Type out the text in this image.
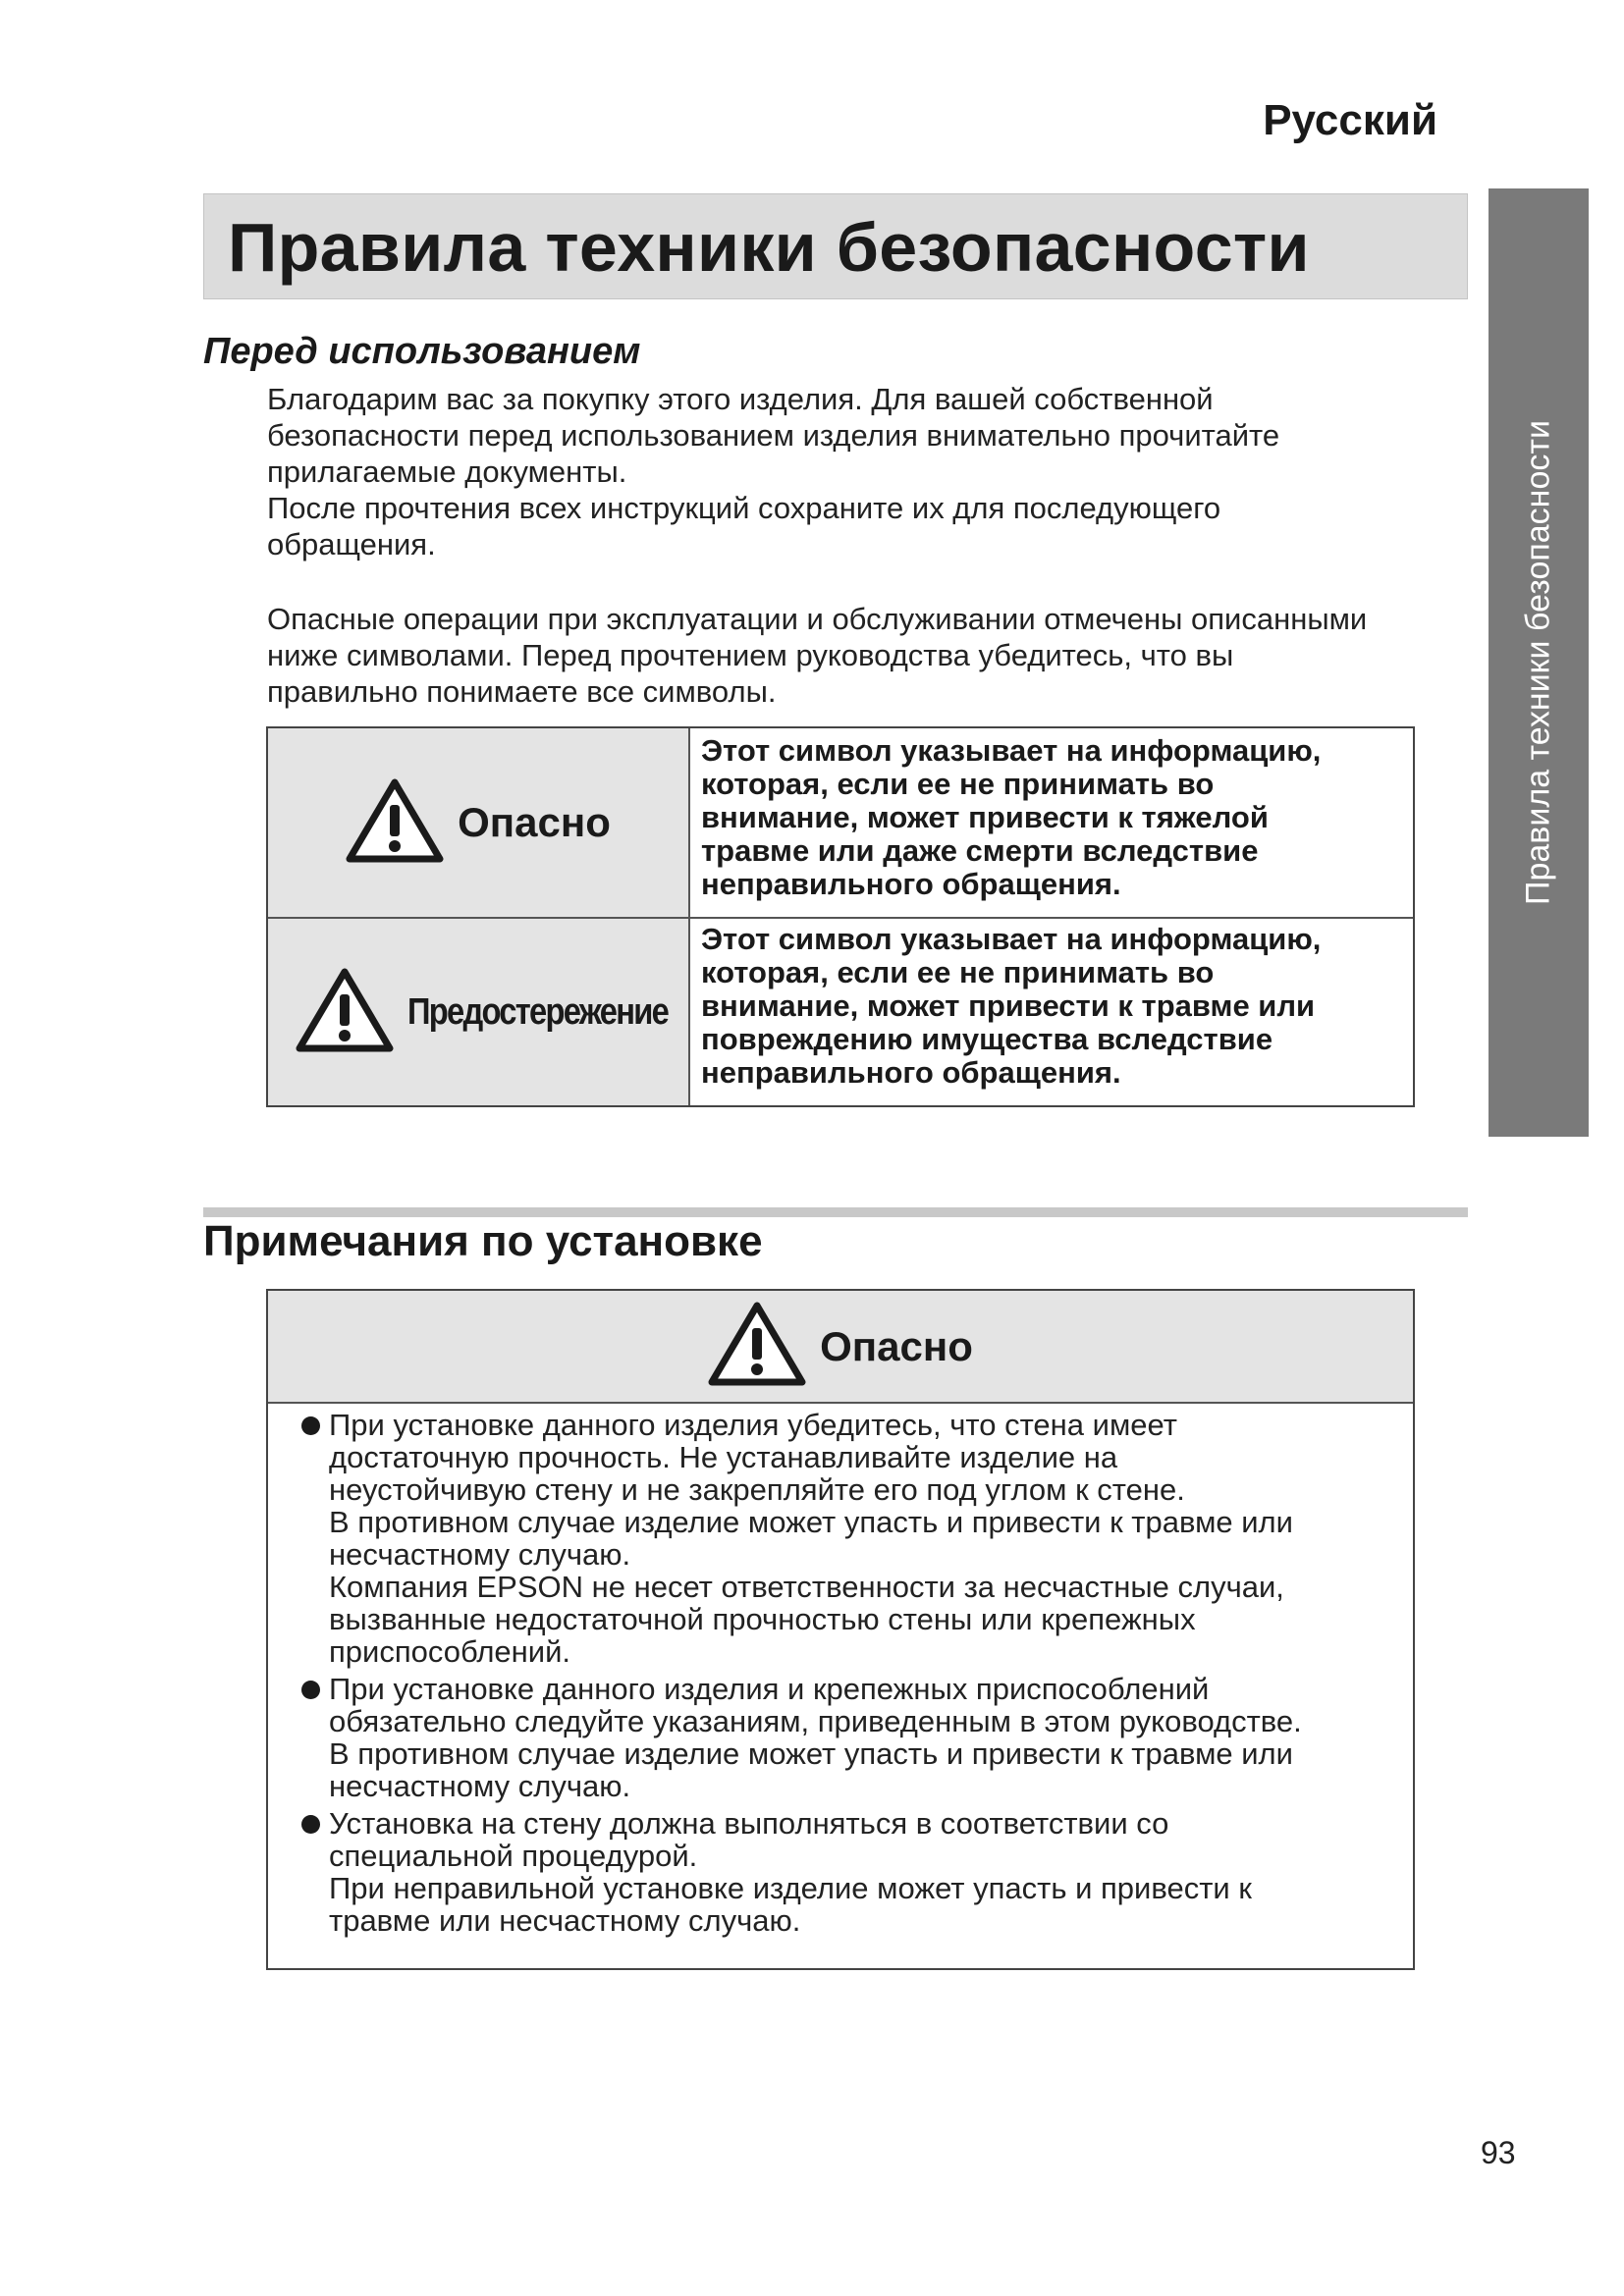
Русский
Правила техники безопасности
Правила техники безопасности
Перед использованием

Благодарим вас за покупку этого изделия. Для вашей собственной
безопасности перед использованием изделия внимательно прочитайте
прилагаемые документы.
После прочтения всех инструкций сохраните их для последующего
обращения.

Опасные операции при эксплуатации и обслуживании отмечены описанными
ниже символами. Перед прочтением руководства убедитесь, что вы
правильно понимаете все символы.

Опасно
Предостережение
Этот символ указывает на информацию,
которая, если ее не принимать во
внимание, может привести к тяжелой
травме или даже смерти вследствие
неправильного обращения.
Этот символ указывает на информацию,
которая, если ее не принимать во
внимание, может привести к травме или
повреждению имущества вследствие
неправильного обращения.
Примечания по установке
Опасно
При установке данного изделия убедитесь, что стена имеет
достаточную прочность. Не устанавливайте изделие на
неустойчивую стену и не закрепляйте его под углом к стене.
В противном случае изделие может упасть и привести к травме или
несчастному случаю.
Компания EPSON не несет ответственности за несчастные случаи,
вызванные недостаточной прочностью стены или крепежных
приспособлений.
При установке данного изделия и крепежных приспособлений
обязательно следуйте указаниям, приведенным в этом руководстве.
В противном случае изделие может упасть и привести к травме или
несчастному случаю.
Установка на стену должна выполняться в соответствии со
специальной процедурой.
При неправильной установке изделие может упасть и привести к
травме или несчастному случаю.
93
